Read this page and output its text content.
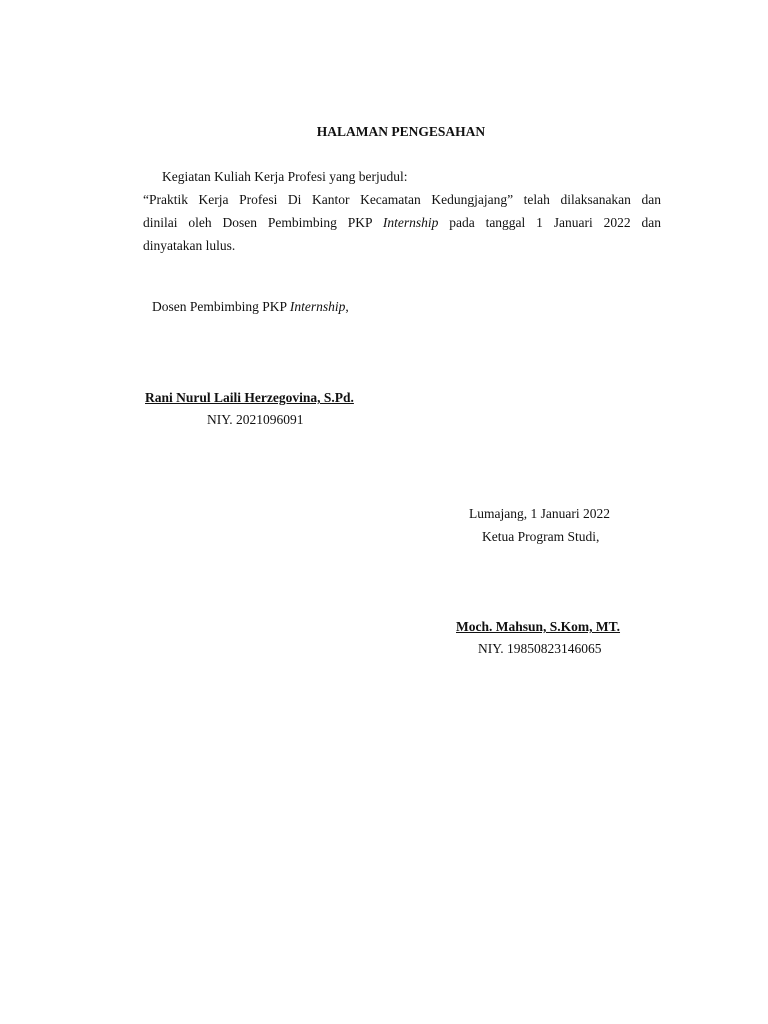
HALAMAN PENGESAHAN
Kegiatan Kuliah Kerja Profesi yang berjudul:
“Praktik Kerja Profesi Di Kantor Kecamatan Kedungjajang” telah dilaksanakan dan
dinilai oleh Dosen Pembimbing PKP Internship pada tanggal 1 Januari 2022 dan
dinyatakan lulus.
Dosen Pembimbing PKP Internship,
Rani Nurul Laili Herzegovina, S.Pd.
NIY. 2021096091
Lumajang, 1 Januari 2022
Ketua Program Studi,
Moch. Mahsun, S.Kom, MT.
NIY. 19850823146065
